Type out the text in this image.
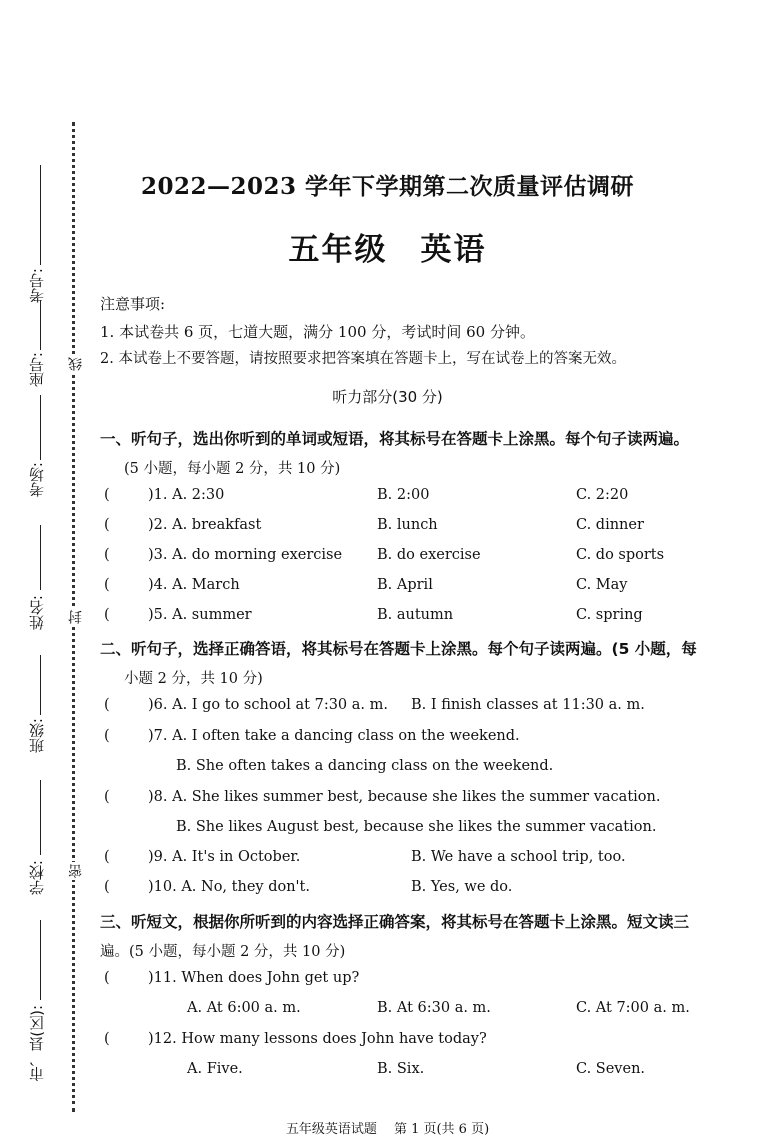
考号:
座号:
考场:
姓名:
班级:
学校:
市、县(区):
线
封
密
2022—2023 学年下学期第二次质量评估调研
五年级　英语
注意事项:
1. 本试卷共 6 页，七道大题，满分 100 分，考试时间 60 分钟。
2. 本试卷上不要答题，请按照要求把答案填在答题卡上，写在试卷上的答案无效。
听力部分(30 分)
一、听句子，选出你听到的单词或短语，将其标号在答题卡上涂黑。每个句子读两遍。
(5 小题，每小题 2 分，共 10 分)
(	)1. A. 2:30	B. 2:00	C. 2:20
(	)2. A. breakfast	B. lunch	C. dinner
(	)3. A. do morning exercise B. do exercise	C. do sports
(	)4. A. March	B. April	C. May
(	)5. A. summer	B. autumn	C. spring
二、听句子，选择正确答语，将其标号在答题卡上涂黑。每个句子读两遍。(5 小题，每
小题 2 分，共 10 分)
(	)6. A. I go to school at 7:30 a. m. B. I finish classes at 11:30 a. m.
(	)7. A. I often take a dancing class on the weekend.
B. She often takes a dancing class on the weekend.
(	)8. A. She likes summer best, because she likes the summer vacation.
B. She likes August best, because she likes the summer vacation.
(	)9. A. It's in October.	B. We have a school trip, too.
(	)10. A. No, they don't.	B. Yes, we do.
三、听短文，根据你所听到的内容选择正确答案，将其标号在答题卡上涂黑。短文读三
遍。(5 小题，每小题 2 分，共 10 分)
(	)11. When does John get up?
A. At 6:00 a. m.	B. At 6:30 a. m.	C. At 7:00 a. m.
(	)12. How many lessons does John have today?
A. Five.	B. Six.	C. Seven.
五年级英语试题　 第 1 页(共 6 页)
